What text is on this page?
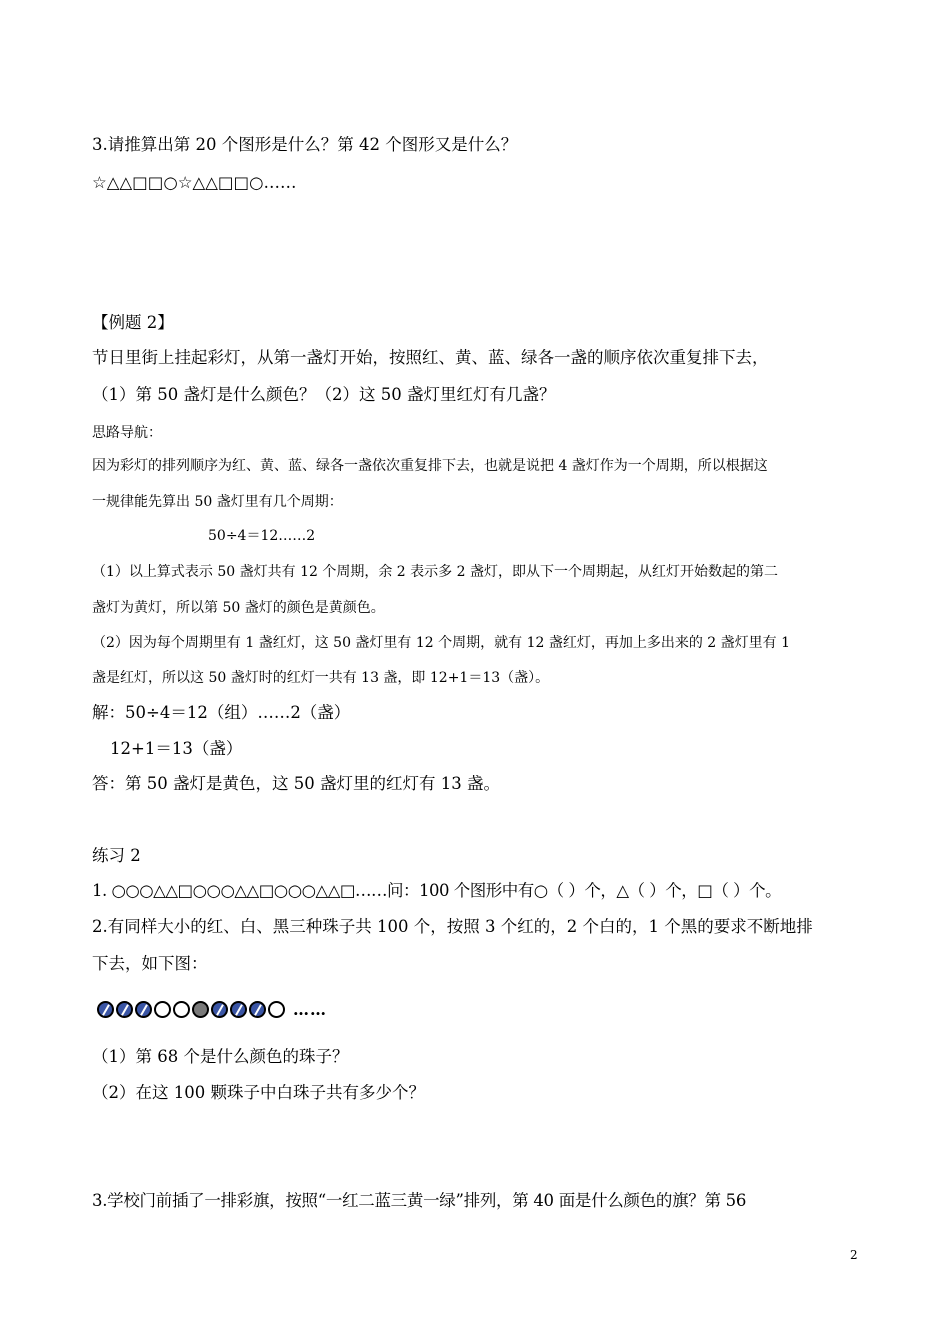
3.请推算出第 20 个图形是什么？第 42 个图形又是什么？
☆△△□□○☆△△□□○……
【例题 2】
节日里街上挂起彩灯，从第一盏灯开始，按照红、黄、蓝、绿各一盏的顺序依次重复排下去，
（1）第 50 盏灯是什么颜色？（2）这 50 盏灯里红灯有几盏？
思路导航：
因为彩灯的排列顺序为红、黄、蓝、绿各一盏依次重复排下去，也就是说把 4 盏灯作为一个周期，所以根据这
一规律能先算出 50 盏灯里有几个周期：
50÷4＝12……2
（1）以上算式表示 50 盏灯共有 12 个周期，余 2 表示多 2 盏灯，即从下一个周期起，从红灯开始数起的第二
盏灯为黄灯，所以第 50 盏灯的颜色是黄颜色。
（2）因为每个周期里有 1 盏红灯，这 50 盏灯里有 12 个周期，就有 12 盏红灯，再加上多出来的 2 盏灯里有 1
盏是红灯，所以这 50 盏灯时的红灯一共有 13 盏，即 12+1＝13（盏）。
解：50÷4＝12（组）……2（盏）
12+1＝13（盏）
答：第 50 盏灯是黄色，这 50 盏灯里的红灯有 13 盏。
练习 2
1. ○○○△△□○○○△△□○○○△△□……问：100 个图形中有○（ ）个，△（ ）个，□（ ）个。
2.有同样大小的红、白、黑三种珠子共 100 个，按照 3 个红的，2 个白的，1 个黑的要求不断地排
下去，如下图：
……
（1）第 68 个是什么颜色的珠子？
（2）在这 100 颗珠子中白珠子共有多少个？
3.学校门前插了一排彩旗，按照“一红二蓝三黄一绿”排列，第 40 面是什么颜色的旗？第 56
2
